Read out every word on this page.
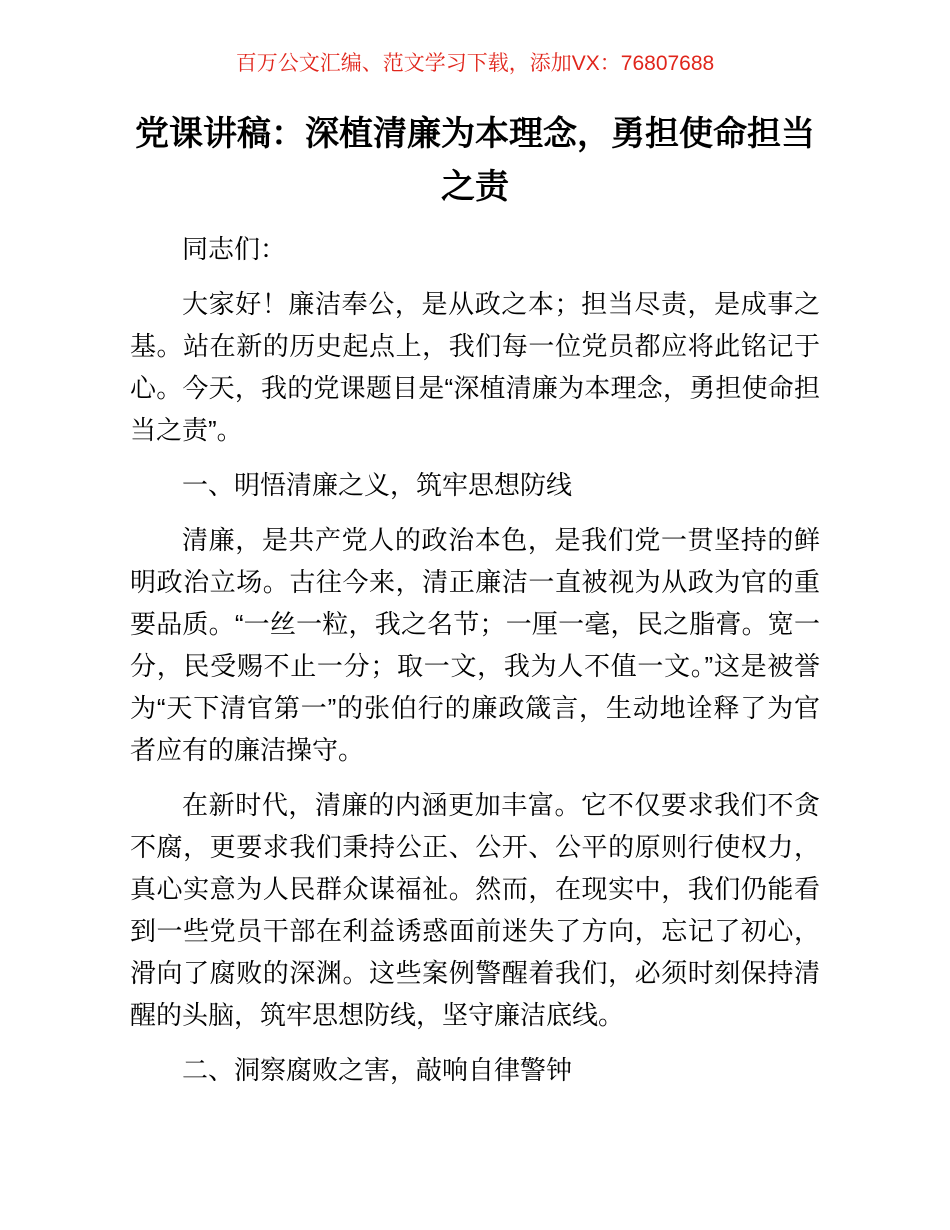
百万公文汇编、范文学习下载，添加VX：76807688

党课讲稿：深植清廉为本理念，勇担使命担当之责

同志们：

大家好！廉洁奉公，是从政之本；担当尽责，是成事之基。站在新的历史起点上，我们每一位党员都应将此铭记于心。今天，我的党课题目是“深植清廉为本理念，勇担使命担当之责”。

一、明悟清廉之义，筑牢思想防线

清廉，是共产党人的政治本色，是我们党一贯坚持的鲜明政治立场。古往今来，清正廉洁一直被视为从政为官的重要品质。“一丝一粒，我之名节；一厘一毫，民之脂膏。宽一分，民受赐不止一分；取一文，我为人不值一文。”这是被誉为“天下清官第一”的张伯行的廉政箴言，生动地诠释了为官者应有的廉洁操守。

在新时代，清廉的内涵更加丰富。它不仅要求我们不贪不腐，更要求我们秉持公正、公开、公平的原则行使权力，真心实意为人民群众谋福祉。然而，在现实中，我们仍能看到一些党员干部在利益诱惑面前迷失了方向，忘记了初心，滑向了腐败的深渊。这些案例警醒着我们，必须时刻保持清醒的头脑，筑牢思想防线，坚守廉洁底线。

二、洞察腐败之害，敲响自律警钟
